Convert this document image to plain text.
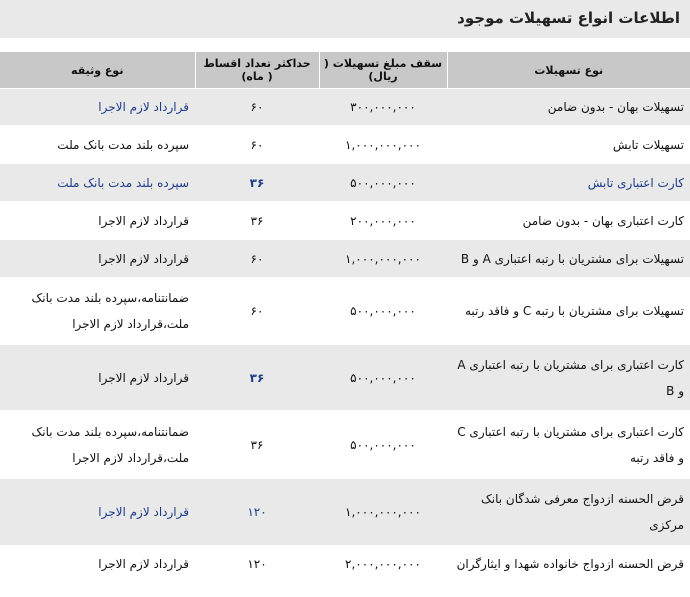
اطلاعات انواع تسهیلات موجود
نوع تسهیلات	سقف مبلغ تسهیلات ( ریال)	حداکثر تعداد اقساط ( ماه)	نوع وثیقه
تسهیلات بهان - بدون ضامن	۳۰۰,۰۰۰,۰۰۰	۶۰	قرارداد لازم الاجرا
تسهیلات تابش	۱,۰۰۰,۰۰۰,۰۰۰	۶۰	سپرده بلند مدت بانک ملت
کارت اعتباری تابش	۵۰۰,۰۰۰,۰۰۰	۳۶	سپرده بلند مدت بانک ملت
کارت اعتباری بهان - بدون ضامن	۲۰۰,۰۰۰,۰۰۰	۳۶	قرارداد لازم الاجرا
تسهیلات برای مشتریان با رتبه اعتباری A و B	۱,۰۰۰,۰۰۰,۰۰۰	۶۰	قرارداد لازم الاجرا
تسهیلات برای مشتریان با رتبه C و فاقد رتبه	۵۰۰,۰۰۰,۰۰۰	۶۰	ضمانتنامه،سپرده بلند مدت بانک ملت،قرارداد لازم الاجرا
کارت اعتباری برای مشتریان با رتبه اعتباری A و B	۵۰۰,۰۰۰,۰۰۰	۳۶	قرارداد لازم الاجرا
کارت اعتباری برای مشتریان با رتبه اعتباری C و فاقد رتبه	۵۰۰,۰۰۰,۰۰۰	۳۶	ضمانتنامه،سپرده بلند مدت بانک ملت،قرارداد لازم الاجرا
قرض الحسنه ازدواج معرفی شدگان بانک مرکزی	۱,۰۰۰,۰۰۰,۰۰۰	۱۲۰	قرارداد لازم الاجرا
قرض الحسنه ازدواج خانواده شهدا و ایثارگران	۲,۰۰۰,۰۰۰,۰۰۰	۱۲۰	قرارداد لازم الاجرا
